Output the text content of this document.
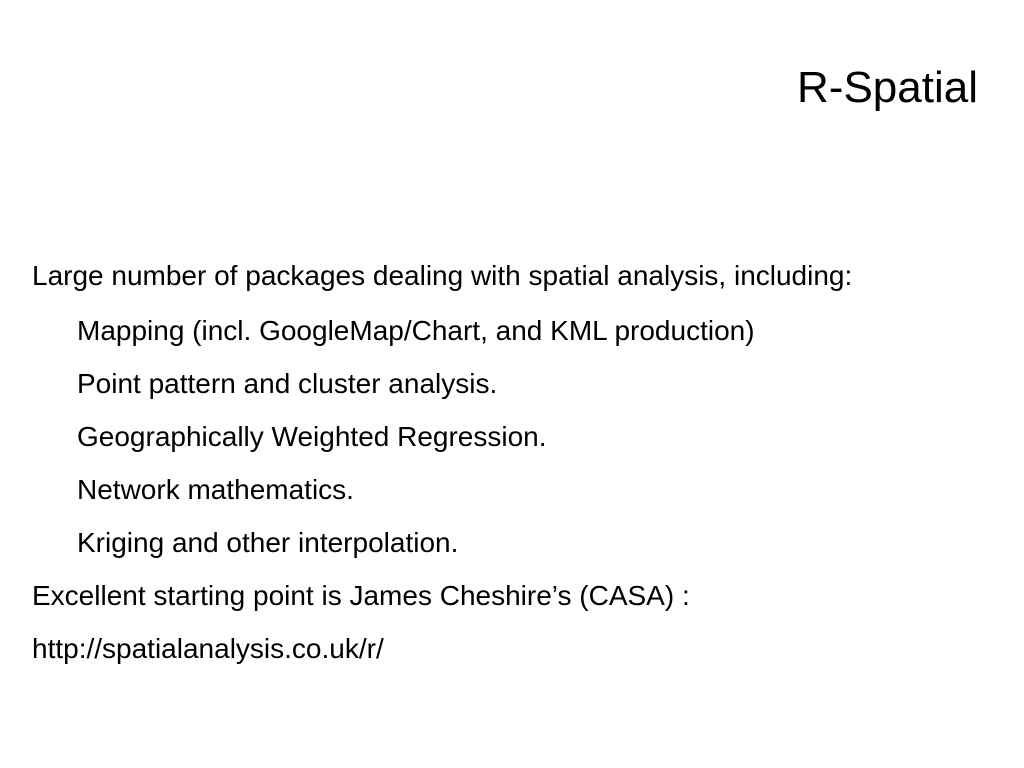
R-Spatial
Large number of packages dealing with spatial analysis, including:
Mapping (incl. GoogleMap/Chart, and KML production)
Point pattern and cluster analysis.
Geographically Weighted Regression.
Network mathematics.
Kriging and other interpolation.
Excellent starting point is James Cheshire’s (CASA) :
http://spatialanalysis.co.uk/r/
